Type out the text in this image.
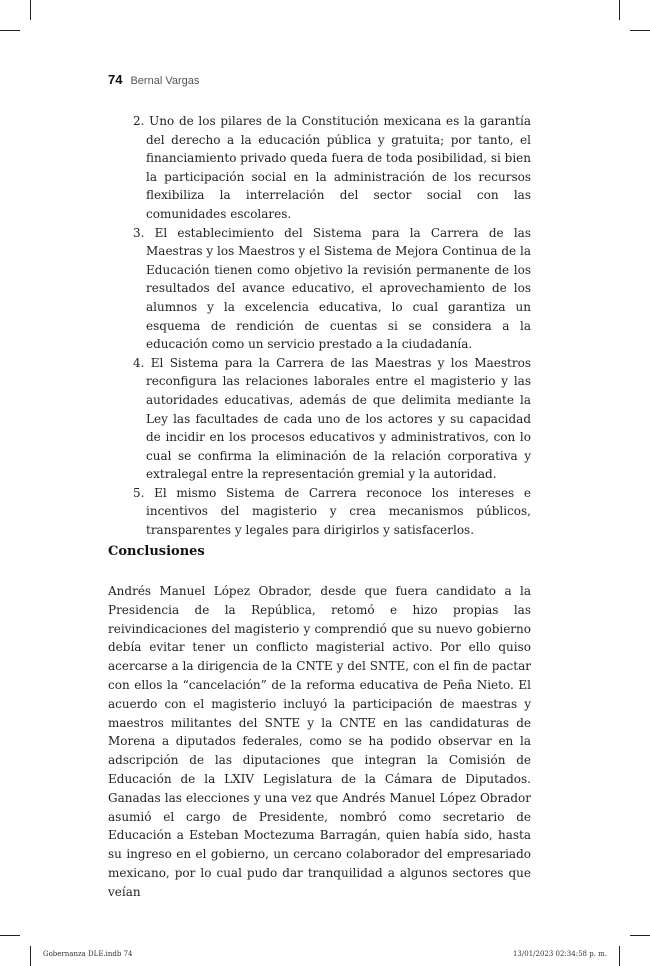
74 Bernal Vargas
2. Uno de los pilares de la Constitución mexicana es la garantía del derecho a la educación pública y gratuita; por tanto, el financiamiento privado queda fuera de toda posibilidad, si bien la participación social en la administración de los recursos flexibiliza la interrelación del sector social con las comunidades escolares.
3. El establecimiento del Sistema para la Carrera de las Maestras y los Maestros y el Sistema de Mejora Continua de la Educación tienen como objetivo la revisión permanente de los resultados del avance educativo, el aprovechamiento de los alumnos y la excelencia educativa, lo cual garantiza un esquema de rendición de cuentas si se considera a la educación como un servicio prestado a la ciudadanía.
4. El Sistema para la Carrera de las Maestras y los Maestros reconfigura las relaciones laborales entre el magisterio y las autoridades educativas, además de que delimita mediante la Ley las facultades de cada uno de los actores y su capacidad de incidir en los procesos educativos y administrativos, con lo cual se confirma la eliminación de la relación corporativa y extralegal entre la representación gremial y la autoridad.
5. El mismo Sistema de Carrera reconoce los intereses e incentivos del magisterio y crea mecanismos públicos, transparentes y legales para dirigirlos y satisfacerlos.
Conclusiones

Andrés Manuel López Obrador, desde que fuera candidato a la Presidencia de la República, retomó e hizo propias las reivindicaciones del magisterio y comprendió que su nuevo gobierno debía evitar tener un conflicto magisterial activo. Por ello quiso acercarse a la dirigencia de la CNTE y del SNTE, con el fin de pactar con ellos la “cancelación” de la reforma educativa de Peña Nieto. El acuerdo con el magisterio incluyó la participación de maestras y maestros militantes del SNTE y la CNTE en las candidaturas de Morena a diputados federales, como se ha podido observar en la adscripción de las diputaciones que integran la Comisión de Educación de la LXIV Legislatura de la Cámara de Diputados. Ganadas las elecciones y una vez que Andrés Manuel López Obrador asumió el cargo de Presidente, nombró como secretario de Educación a Esteban Moctezuma Barragán, quien había sido, hasta su ingreso en el gobierno, un cercano colaborador del empresariado mexicano, por lo cual pudo dar tranquilidad a algunos sectores que veían

Gobernanza DLE.indb 74	13/01/2023 02:34:58 p. m.
